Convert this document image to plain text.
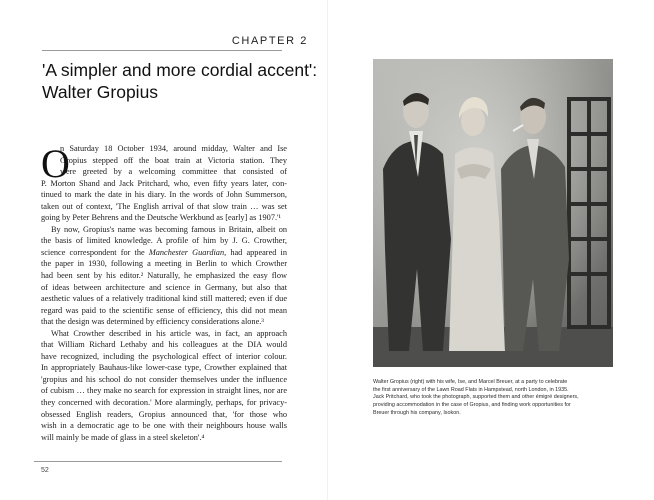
CHAPTER 2
'A simpler and more cordial accent':
Walter Gropius
O

n Saturday 18 October 1934, around midday, Walter and Ise
Gropius stepped off the boat train at Victoria station. They
were greeted by a welcoming committee that consisted of
P. Morton Shand and Jack Pritchard, who, even fifty years later, con-
tinued to mark the date in his diary. In the words of John Summerson,
taken out of context, 'The English arrival of that slow train … was set
going by Peter Behrens and the Deutsche Werkbund as [early] as 1907.'¹

By now, Gropius's name was becoming famous in Britain, albeit on
the basis of limited knowledge. A profile of him by J. G. Crowther,
science correspondent for the Manchester Guardian, had appeared in
the paper in 1930, following a meeting in Berlin to which Crowther
had been sent by his editor.² Naturally, he emphasized the easy flow
of ideas between architecture and science in Germany, but also that
aesthetic values of a relatively traditional kind still mattered; even if due
regard was paid to the scientific sense of efficiency, this did not mean
that the design was determined by efficiency considerations alone.³

What Crowther described in his article was, in fact, an approach
that William Richard Lethaby and his colleagues at the DIA would
have recognized, including the psychological effect of interior colour.
In appropriately Bauhaus-like lower-case type, Crowther explained that
'gropius and his school do not consider themselves under the influence
of cubism … they make no search for expression in straight lines, nor are
they concerned with decoration.' More alarmingly, perhaps, for privacy-
obsessed English readers, Gropius announced that, 'for those who
wish in a democratic age to be one with their neighbours house walls
will mainly be made of glass in a steel skeleton'.⁴

52
Walter Gropius (right) with his wife, Ise, and Marcel Breuer, at a party to celebrate
the first anniversary of the Lawn Road Flats in Hampstead, north London, in 1935.
Jack Pritchard, who took the photograph, supported them and other émigré designers,
providing accommodation in the case of Gropius, and finding work opportunities for
Breuer through his company, Isokon.
